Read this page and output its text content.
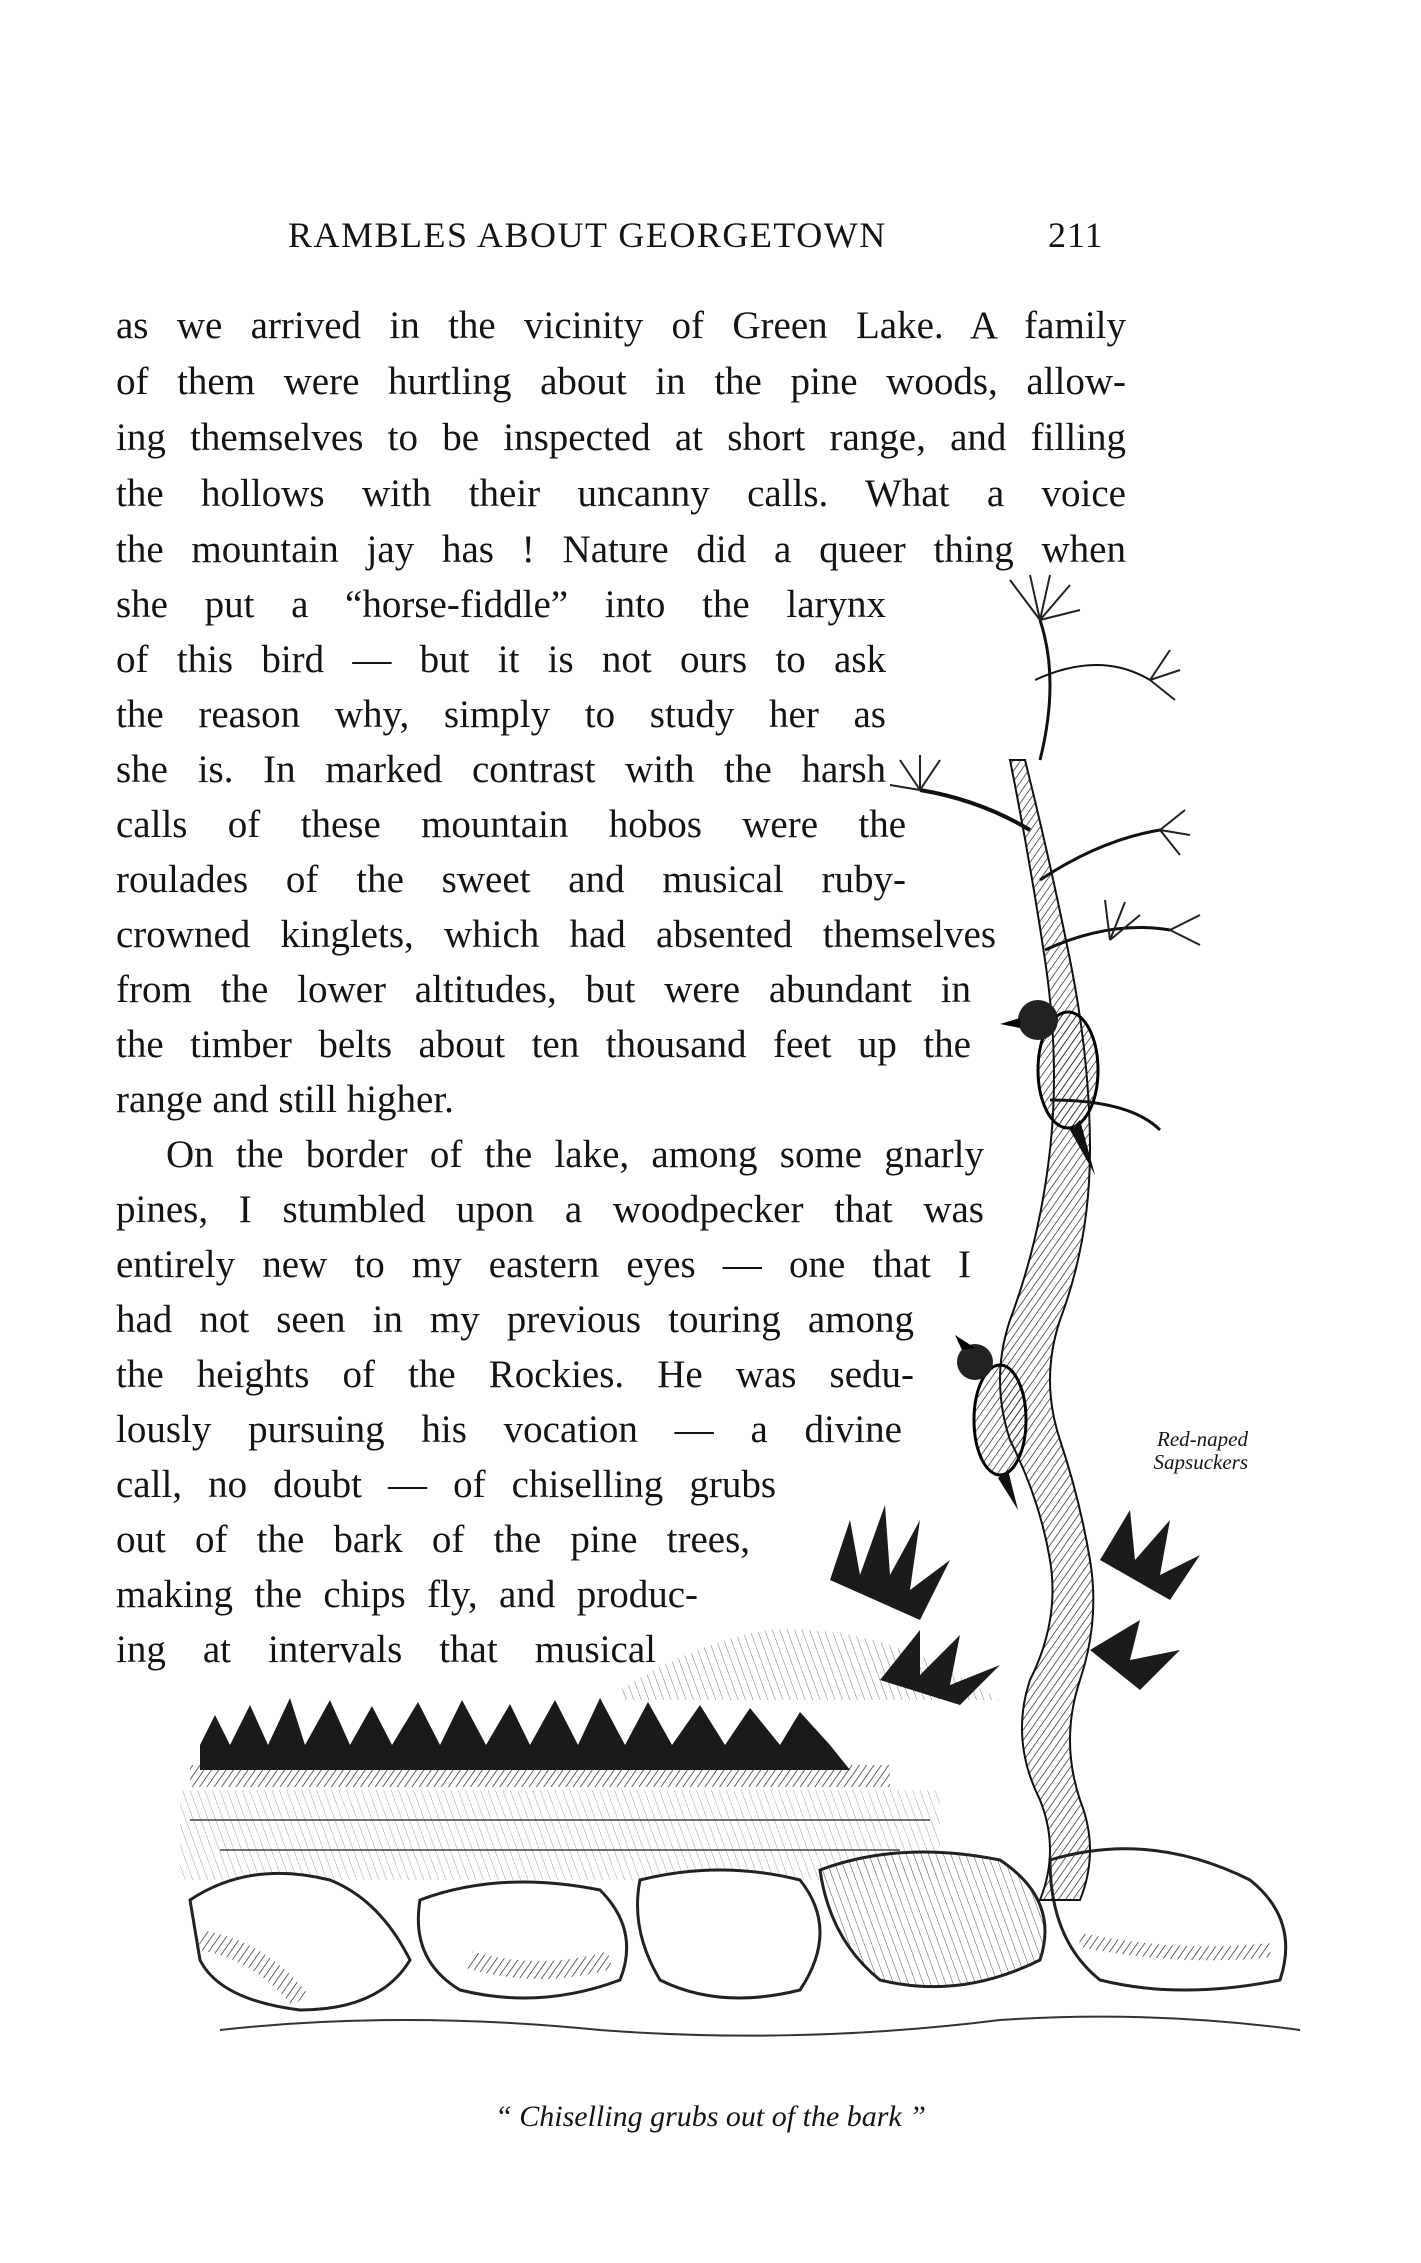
RAMBLES ABOUT GEORGETOWN	211
as we arrived in the vicinity of Green Lake. A family
of them were hurtling about in the pine woods, allow-
ing themselves to be inspected at short range, and filling
the hollows with their uncanny calls. What a voice
the mountain jay has ! Nature did a queer thing when
she put a “horse-fiddle” into the larynx
of this bird — but it is not ours to ask
the reason why, simply to study her as
she is. In marked contrast with the harsh
calls of these mountain hobos were the
roulades of the sweet and musical ruby-
crowned kinglets, which had absented themselves
from the lower altitudes, but were abundant in
the timber belts about ten thousand feet up the
range and still higher.
On the border of the lake, among some gnarly
pines, I stumbled upon a woodpecker that was
entirely new to my eastern eyes — one that I
had not seen in my previous touring among
the heights of the Rockies. He was sedu-
lously pursuing his vocation — a divine
call, no doubt — of chiselling grubs
out of the bark of the pine trees,
making the chips fly, and produc-
ing at intervals that musical
Red-naped
Sapsuckers
“ Chiselling grubs out of the bark ”
